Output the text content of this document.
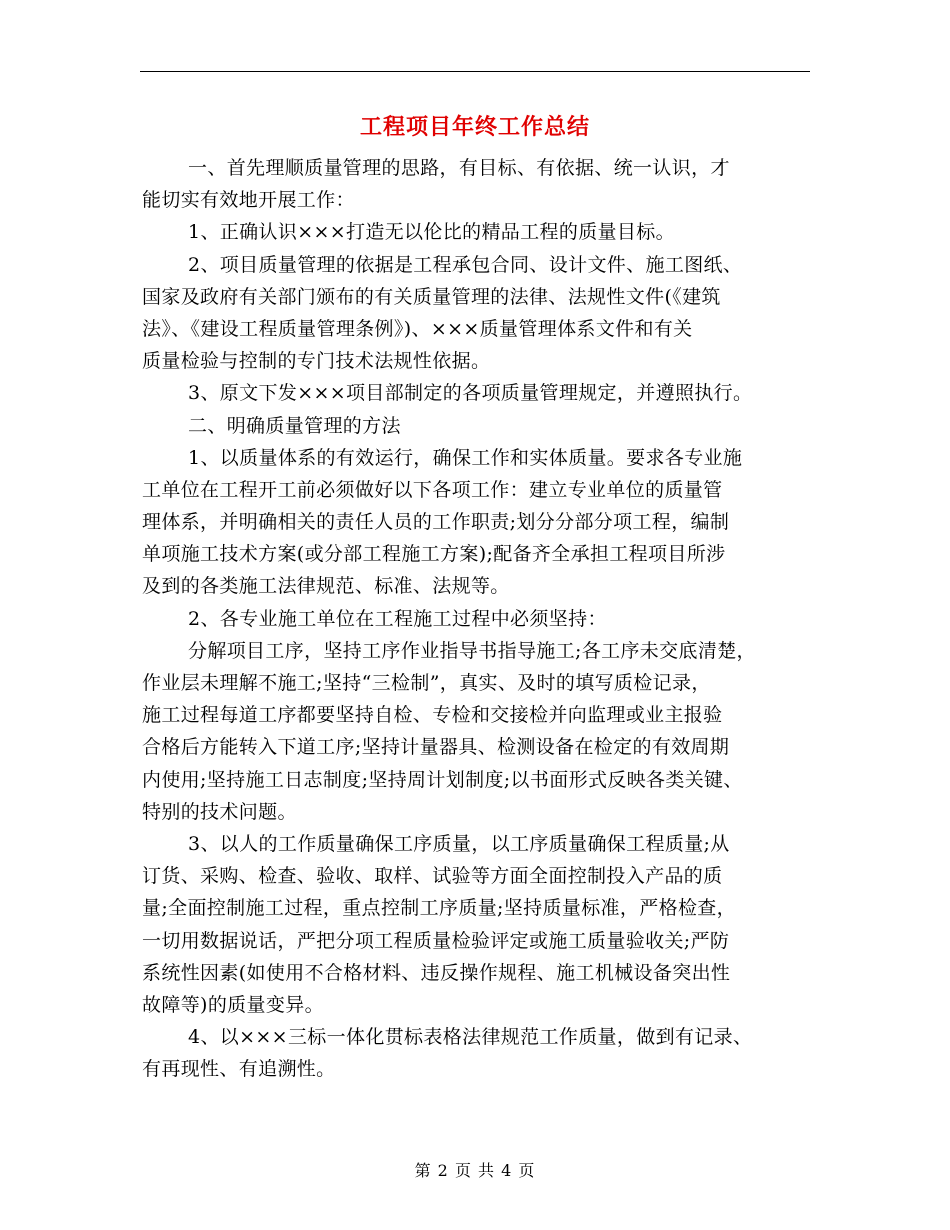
工程项目年终工作总结
一、首先理顺质量管理的思路，有目标、有依据、统一认识，才
能切实有效地开展工作：
1、正确认识×××打造无以伦比的精品工程的质量目标。
2、项目质量管理的依据是工程承包合同、设计文件、施工图纸、
国家及政府有关部门颁布的有关质量管理的法律、法规性文件(《建筑
法》、《建设工程质量管理条例》)、×××质量管理体系文件和有关
质量检验与控制的专门技术法规性依据。
3、原文下发×××项目部制定的各项质量管理规定，并遵照执行。
二、明确质量管理的方法
1、以质量体系的有效运行，确保工作和实体质量。要求各专业施
工单位在工程开工前必须做好以下各项工作：建立专业单位的质量管
理体系，并明确相关的责任人员的工作职责;划分分部分项工程，编制
单项施工技术方案(或分部工程施工方案);配备齐全承担工程项目所涉
及到的各类施工法律规范、标准、法规等。
2、各专业施工单位在工程施工过程中必须坚持：
分解项目工序，坚持工序作业指导书指导施工;各工序未交底清楚，
作业层未理解不施工;坚持“三检制”，真实、及时的填写质检记录，
施工过程每道工序都要坚持自检、专检和交接检并向监理或业主报验
合格后方能转入下道工序;坚持计量器具、检测设备在检定的有效周期
内使用;坚持施工日志制度;坚持周计划制度;以书面形式反映各类关键、
特别的技术问题。
3、以人的工作质量确保工序质量，以工序质量确保工程质量;从
订货、采购、检查、验收、取样、试验等方面全面控制投入产品的质
量;全面控制施工过程，重点控制工序质量;坚持质量标准，严格检查，
一切用数据说话，严把分项工程质量检验评定或施工质量验收关;严防
系统性因素(如使用不合格材料、违反操作规程、施工机械设备突出性
故障等)的质量变异。
4、以×××三标一体化贯标表格法律规范工作质量，做到有记录、
有再现性、有追溯性。
第 2 页 共 4 页
